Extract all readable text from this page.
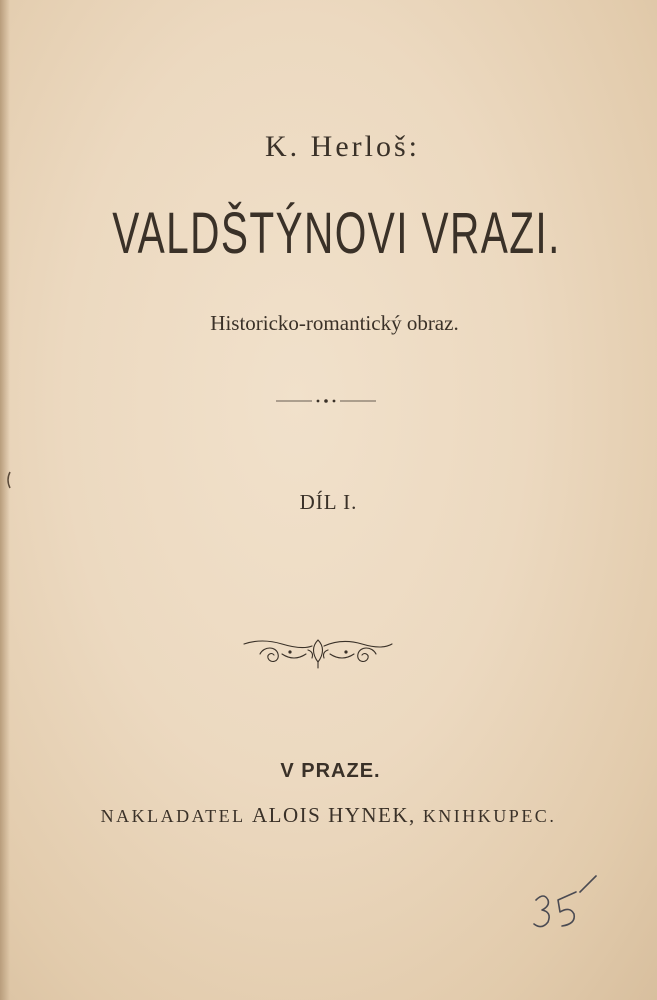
K. Herloš:
VALDŠTÝNOVI VRAZI.
Historicko-romantický obraz.
DÍL I.
V PRAZE.
NAKLADATEL ALOIS HYNEK, KNIHKUPEC.
